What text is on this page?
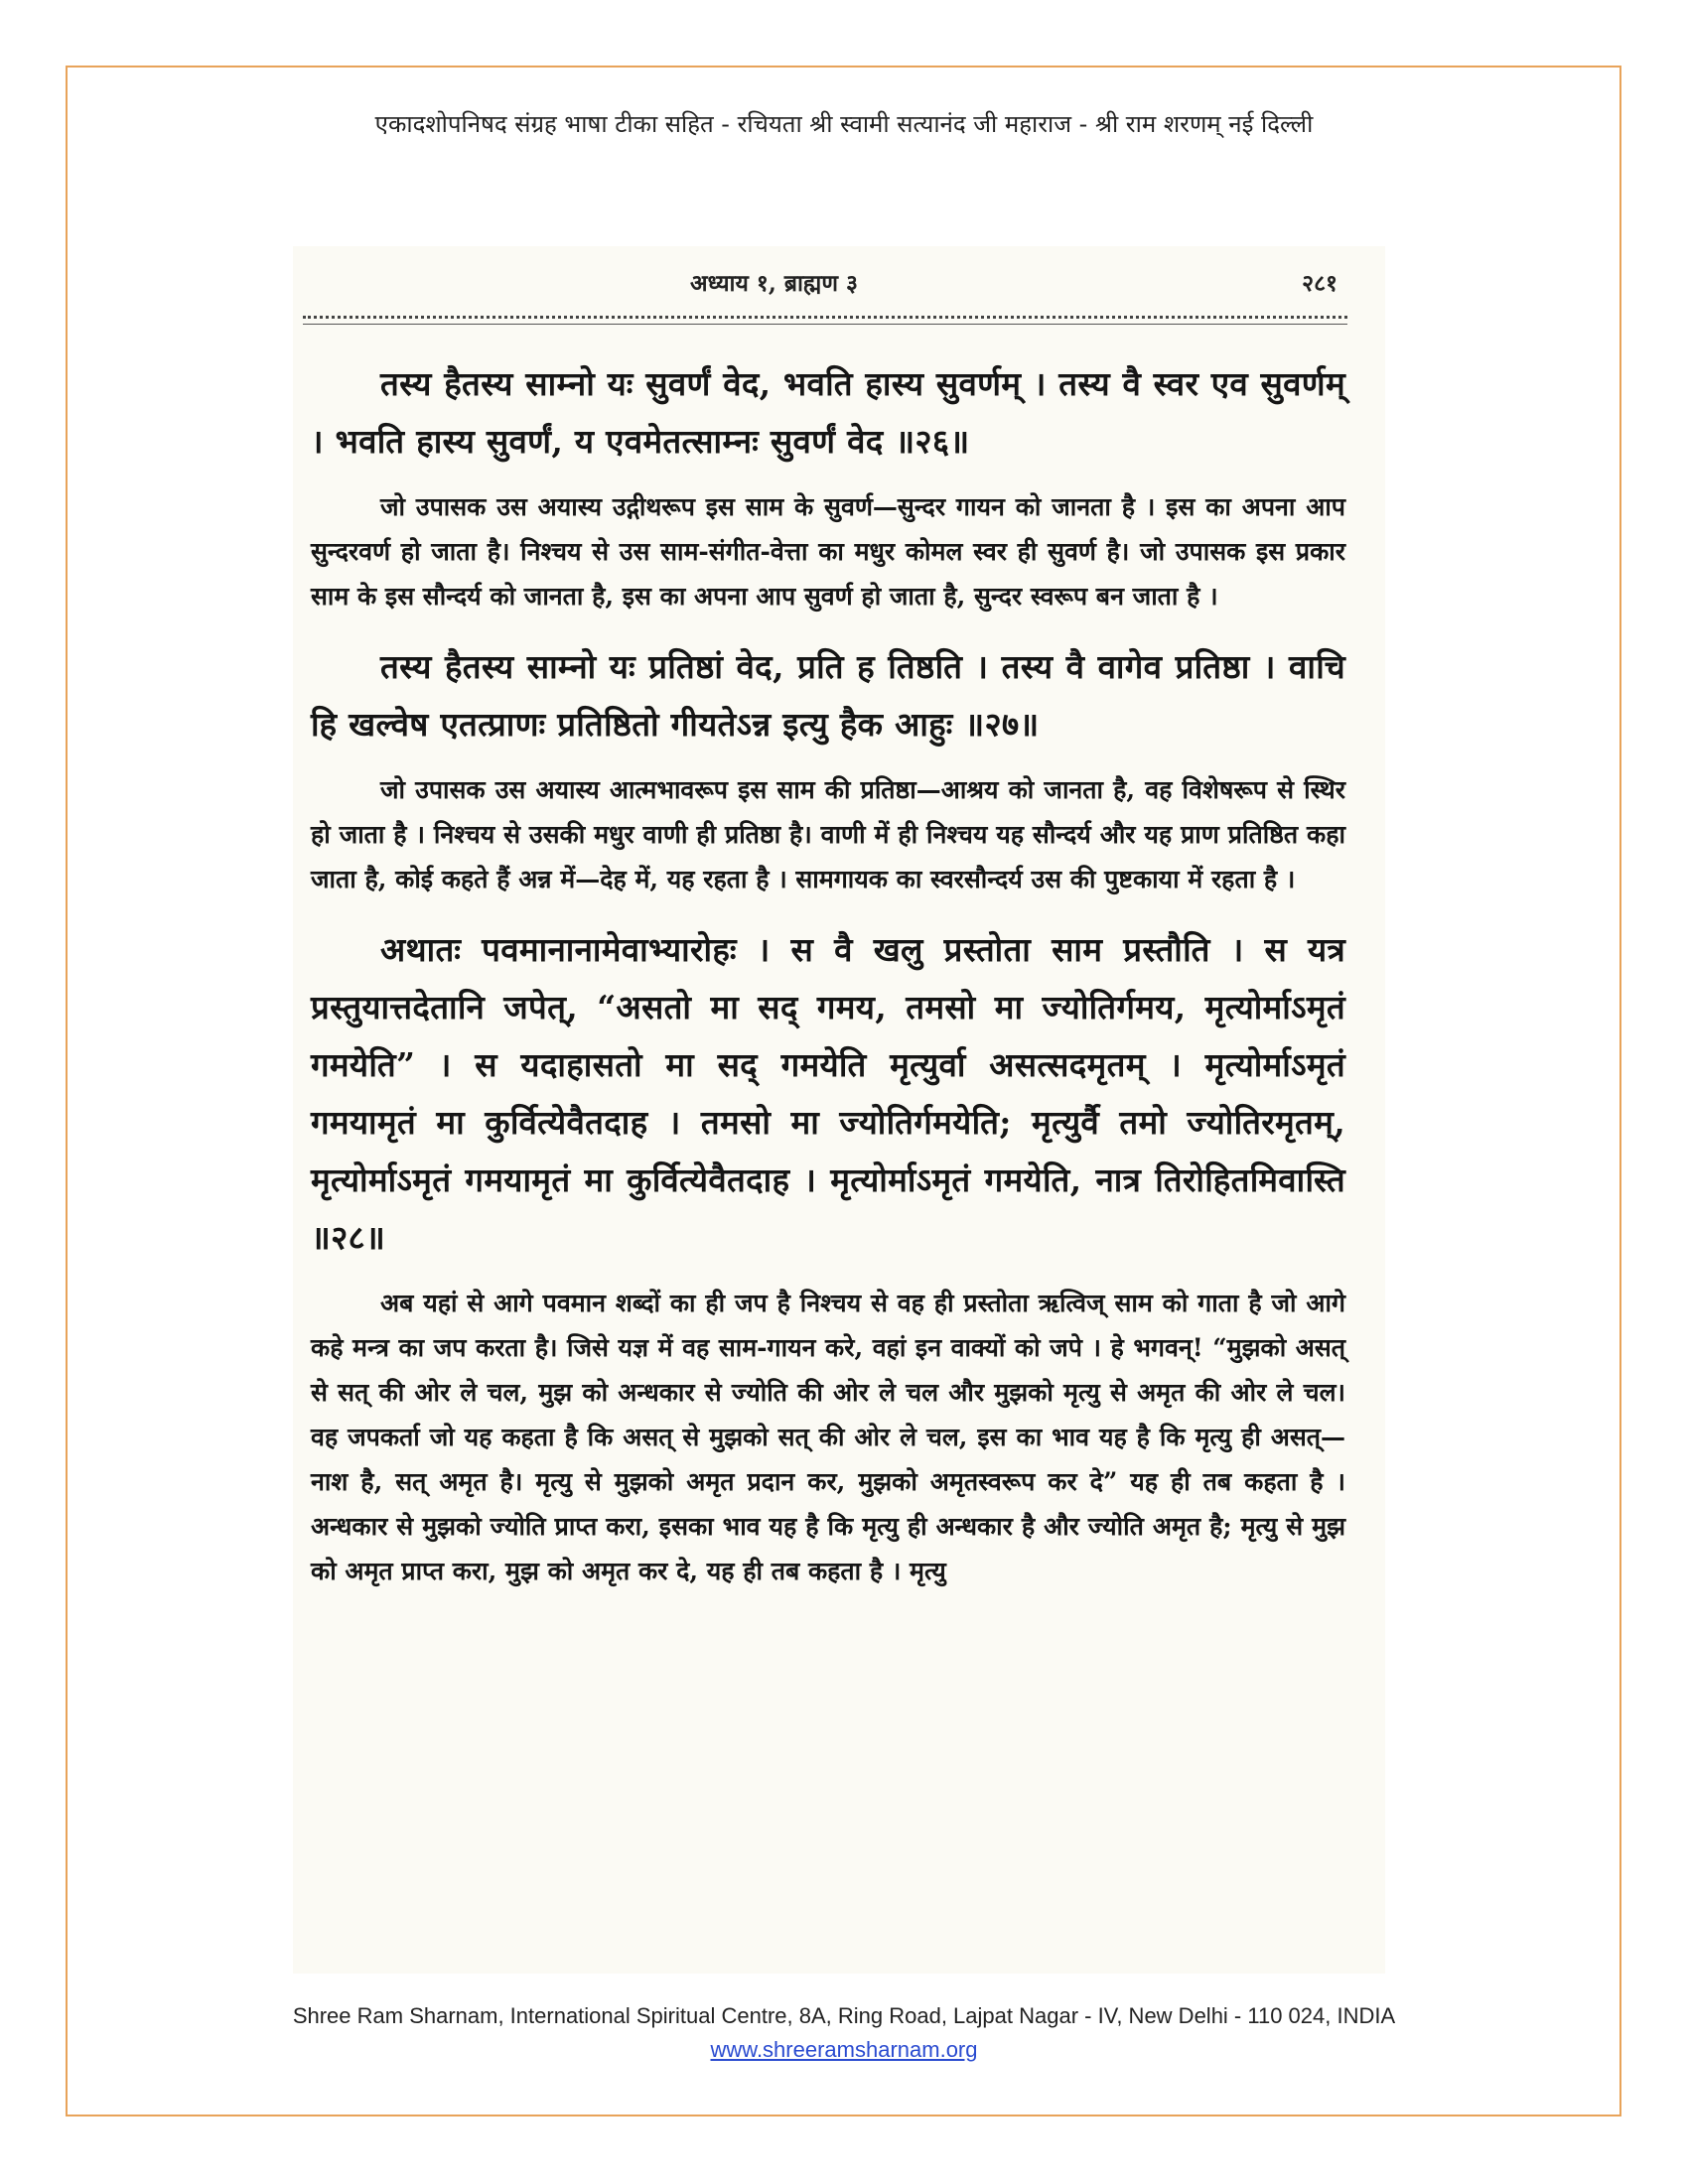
एकादशोपनिषद संग्रह भाषा टीका सहित - रचियता श्री स्वामी सत्यानंद जी महाराज - श्री राम शरणम् नई दिल्ली
अध्याय १, ब्राह्मण ३	२८१

तस्य हैतस्य साम्नो यः सुवर्णं वेद, भवति हास्य सुवर्णम् । तस्य वै स्वर एव सुवर्णम् । भवति हास्य सुवर्णं, य एवमेतत्साम्नः सुवर्णं वेद ॥२६॥

जो उपासक उस अयास्य उद्गीथरूप इस साम के सुवर्ण—सुन्दर गायन को जानता है । इस का अपना आप सुन्दरवर्ण हो जाता है। निश्चय से उस साम-संगीत-वेत्ता का मधुर कोमल स्वर ही सुवर्ण है। जो उपासक इस प्रकार साम के इस सौन्दर्य को जानता है, इस का अपना आप सुवर्ण हो जाता है, सुन्दर स्वरूप बन जाता है ।

तस्य हैतस्य साम्नो यः प्रतिष्ठां वेद, प्रति ह तिष्ठति । तस्य वै वागेव प्रतिष्ठा । वाचि हि खल्वेष एतत्प्राणः प्रतिष्ठितो गीयतेऽन्न इत्यु हैक आहुः ॥२७॥

जो उपासक उस अयास्य आत्मभावरूप इस साम की प्रतिष्ठा—आश्रय को जानता है, वह विशेषरूप से स्थिर हो जाता है । निश्चय से उसकी मधुर वाणी ही प्रतिष्ठा है। वाणी में ही निश्चय यह सौन्दर्य और यह प्राण प्रतिष्ठित कहा जाता है, कोई कहते हैं अन्न में—देह में, यह रहता है । सामगायक का स्वरसौन्दर्य उस की पुष्टकाया में रहता है ।

अथातः पवमानानामेवाभ्यारोहः । स वै खलु प्रस्तोता साम प्रस्तौति । स यत्र प्रस्तुयात्तदेतानि जपेत्, “असतो मा सद् गमय, तमसो मा ज्योतिर्गमय, मृत्योर्माऽमृतं गमयेति” । स यदाहासतो मा सद् गमयेति मृत्युर्वा असत्सदमृतम् । मृत्योर्माऽमृतं गमयामृतं मा कुर्वित्येवैतदाह । तमसो मा ज्योतिर्गमयेति; मृत्युर्वै तमो ज्योतिरमृतम्, मृत्योर्माऽमृतं गमयामृतं मा कुर्वित्येवैतदाह । मृत्योर्माऽमृतं गमयेति, नात्र तिरोहितमिवास्ति ॥२८॥

अब यहां से आगे पवमान शब्दों का ही जप है निश्चय से वह ही प्रस्तोता ऋत्विज् साम को गाता है जो आगे कहे मन्त्र का जप करता है। जिसे यज्ञ में वह साम-गायन करे, वहां इन वाक्यों को जपे । हे भगवन्! “मुझको असत् से सत् की ओर ले चल, मुझ को अन्धकार से ज्योति की ओर ले चल और मुझको मृत्यु से अमृत की ओर ले चल। वह जपकर्ता जो यह कहता है कि असत् से मुझको सत् की ओर ले चल, इस का भाव यह है कि मृत्यु ही असत्—नाश है, सत् अमृत है। मृत्यु से मुझको अमृत प्रदान कर, मुझको अमृतस्वरूप कर दे” यह ही तब कहता है । अन्धकार से मुझको ज्योति प्राप्त करा, इसका भाव यह है कि मृत्यु ही अन्धकार है और ज्योति अमृत है; मृत्यु से मुझ को अमृत प्राप्त करा, मुझ को अमृत कर दे, यह ही तब कहता है । मृत्यु

Shree Ram Sharnam, International Spiritual Centre, 8A, Ring Road, Lajpat Nagar - IV, New Delhi - 110 024, INDIA
www.shreeramsharnam.org
